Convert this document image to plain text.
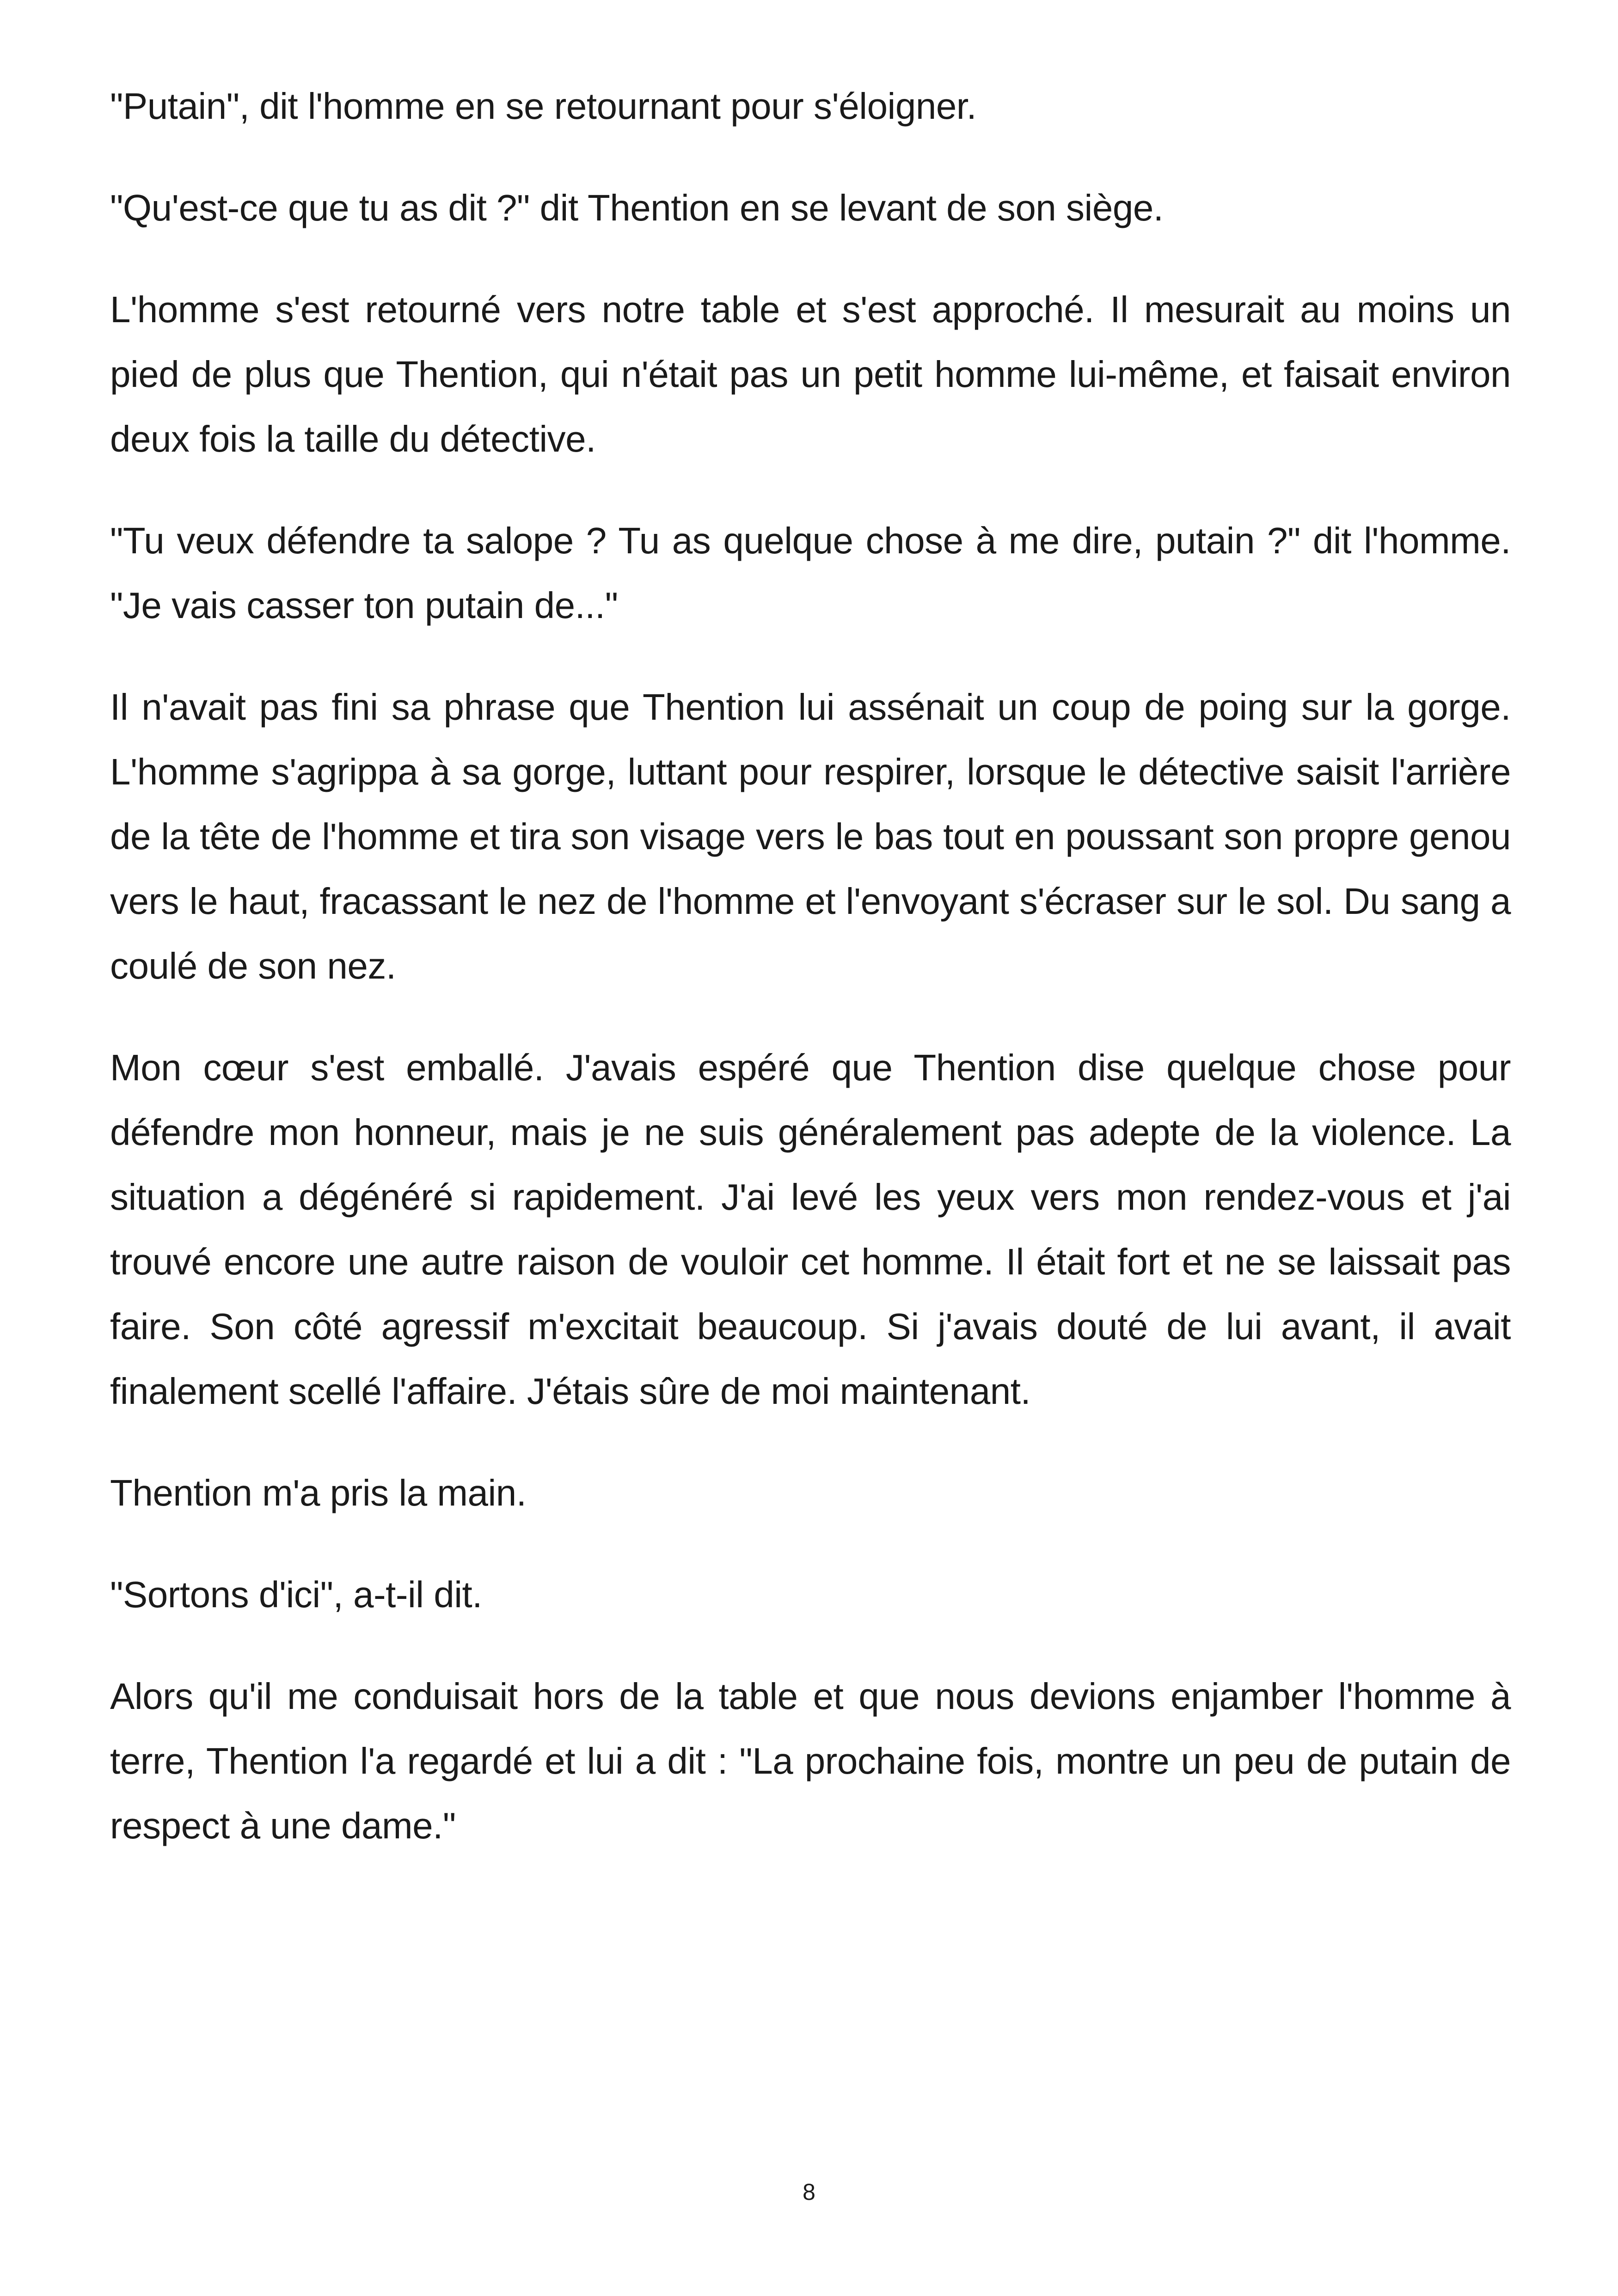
"Putain", dit l'homme en se retournant pour s'éloigner.

"Qu'est-ce que tu as dit ?" dit Thention en se levant de son siège.

L'homme s'est retourné vers notre table et s'est approché. Il mesurait au moins un pied de plus que Thention, qui n'était pas un petit homme lui-même, et faisait environ deux fois la taille du détective.

"Tu veux défendre ta salope ? Tu as quelque chose à me dire, putain ?" dit l'homme. "Je vais casser ton putain de..."

Il n'avait pas fini sa phrase que Thention lui assénait un coup de poing sur la gorge. L'homme s'agrippa à sa gorge, luttant pour respirer, lorsque le détective saisit l'arrière de la tête de l'homme et tira son visage vers le bas tout en poussant son propre genou vers le haut, fracassant le nez de l'homme et l'envoyant s'écraser sur le sol. Du sang a coulé de son nez.

Mon cœur s'est emballé. J'avais espéré que Thention dise quelque chose pour défendre mon honneur, mais je ne suis généralement pas adepte de la violence. La situation a dégénéré si rapidement. J'ai levé les yeux vers mon rendez-vous et j'ai trouvé encore une autre raison de vouloir cet homme. Il était fort et ne se laissait pas faire. Son côté agressif m'excitait beaucoup. Si j'avais douté de lui avant, il avait finalement scellé l'affaire. J'étais sûre de moi maintenant.

Thention m'a pris la main.

"Sortons d'ici", a-t-il dit.

Alors qu'il me conduisait hors de la table et que nous devions enjamber l'homme à terre, Thention l'a regardé et lui a dit : "La prochaine fois, montre un peu de putain de respect à une dame."

8
